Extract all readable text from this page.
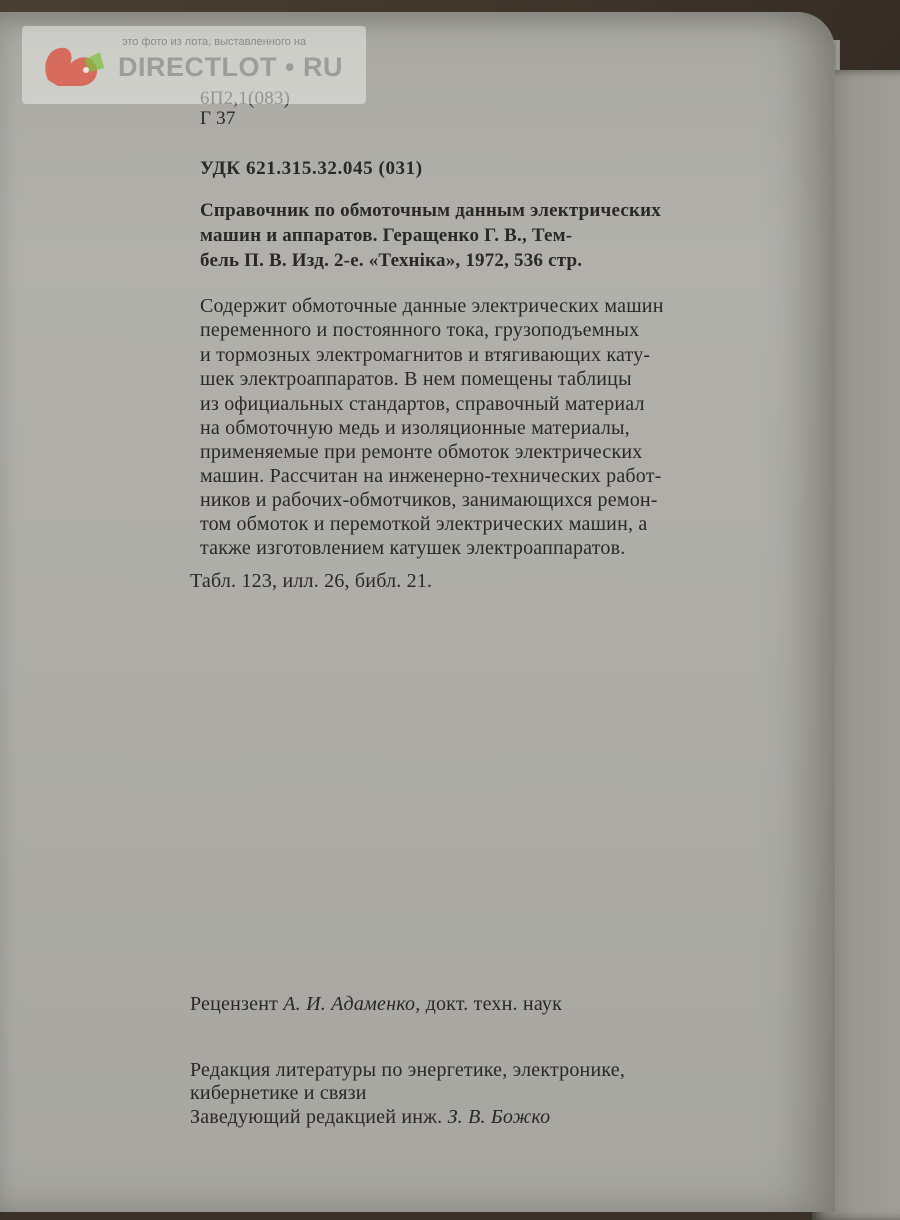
Г 37
УДК 621.315.32.045 (031)
Справочник по обмоточным данным электрических
машин и аппаратов. Геращенко Г. В., Тем-
бель П. В. Изд. 2-е. «Техніка», 1972, 536 стр.
Содержит обмоточные данные электрических машин
переменного и постоянного тока, грузоподъемных
и тормозных электромагнитов и втягивающих кату-
шек электроаппаратов. В нем помещены таблицы
из официальных стандартов, справочный материал
на обмоточную медь и изоляционные материалы,
применяемые при ремонте обмоток электрических
машин. Рассчитан на инженерно-технических работ-
ников и рабочих-обмотчиков, занимающихся ремон-
том обмоток и перемоткой электрических машин, а
также изготовлением катушек электроаппаратов.
Табл. 123, илл. 26, библ. 21.
Рецензент А. И. Адаменко, докт. техн. наук
Редакция литературы по энергетике, электронике,
кибернетике и связи
Заведующий редакцией инж. З. В. Божко
это фото из лота, выставленного на
DIRECTLOT • RU
